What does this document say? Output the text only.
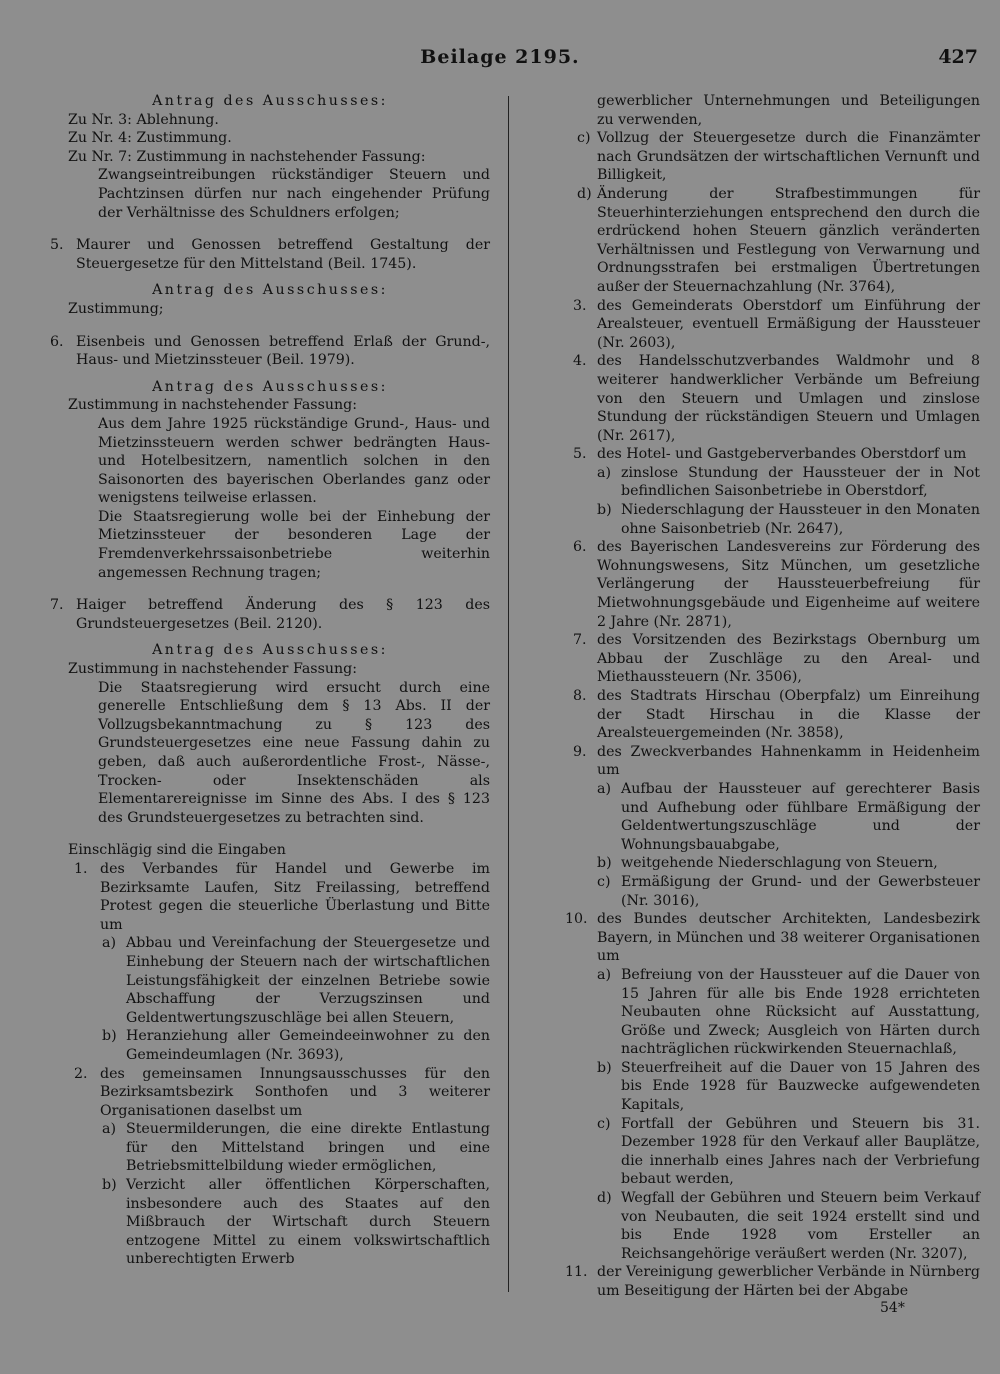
Beilage 2195.	427
Antrag des Ausschusses:
Zu Nr. 3: Ablehnung.
Zu Nr. 4: Zustimmung.
Zu Nr. 7: Zustimmung in nachstehender Fassung:
Zwangseintreibungen rückständiger Steuern und Pachtzinsen dürfen nur nach eingehender Prüfung der Verhältnisse des Schuldners erfolgen;
5. Maurer und Genossen betreffend Gestaltung der Steuergesetze für den Mittelstand (Beil. 1745).
Antrag des Ausschusses:
Zustimmung;
6. Eisenbeis und Genossen betreffend Erlaß der Grund-, Haus- und Mietzinssteuer (Beil. 1979).
Antrag des Ausschusses:
Zustimmung in nachstehender Fassung:
Aus dem Jahre 1925 rückständige Grund-, Haus- und Mietzinssteuern werden schwer bedrängten Haus- und Hotelbesitzern, namentlich solchen in den Saisonorten des bayerischen Oberlandes ganz oder wenigstens teilweise erlassen.
Die Staatsregierung wolle bei der Einhebung der Mietzinssteuer der besonderen Lage der Fremdenverkehrssaisonbetriebe weiterhin angemessen Rechnung tragen;
7. Haiger betreffend Änderung des § 123 des Grundsteuergesetzes (Beil. 2120).
Antrag des Ausschusses:
Zustimmung in nachstehender Fassung:
Die Staatsregierung wird ersucht durch eine generelle Entschließung dem § 13 Abs. II der Vollzugsbekanntmachung zu § 123 des Grundsteuergesetzes eine neue Fassung dahin zu geben, daß auch außerordentliche Frost-, Nässe-, Trocken- oder Insektenschäden als Elementarereignisse im Sinne des Abs. I des § 123 des Grundsteuergesetzes zu betrachten sind.
Einschlägig sind die Eingaben
1. des Verbandes für Handel und Gewerbe im Bezirksamte Laufen, Sitz Freilassing, betreffend Protest gegen die steuerliche Überlastung und Bitte um
a) Abbau und Vereinfachung der Steuergesetze und Einhebung der Steuern nach der wirtschaftlichen Leistungsfähigkeit der einzelnen Betriebe sowie Abschaffung der Verzugszinsen und Geldentwertungszuschläge bei allen Steuern,
b) Heranziehung aller Gemeindeeinwohner zu den Gemeindeumlagen (Nr. 3693),
2. des gemeinsamen Innungsausschusses für den Bezirksamtsbezirk Sonthofen und 3 weiterer Organisationen daselbst um
a) Steuermilderungen, die eine direkte Entlastung für den Mittelstand bringen und eine Betriebsmittelbildung wieder ermöglichen,
b) Verzicht aller öffentlichen Körperschaften, insbesondere auch des Staates auf den Mißbrauch der Wirtschaft durch Steuern entzogene Mittel zu einem volkswirtschaftlich unberechtigten Erwerb
gewerblicher Unternehmungen und Beteiligungen zu verwenden,
c) Vollzug der Steuergesetze durch die Finanzämter nach Grundsätzen der wirtschaftlichen Vernunft und Billigkeit,
d) Änderung der Strafbestimmungen für Steuerhinterziehungen entsprechend den durch die erdrückend hohen Steuern gänzlich veränderten Verhältnissen und Festlegung von Verwarnung und Ordnungsstrafen bei erstmaligen Übertretungen außer der Steuernachzahlung (Nr. 3764),
3. des Gemeinderats Oberstdorf um Einführung der Arealsteuer, eventuell Ermäßigung der Haussteuer (Nr. 2603),
4. des Handelsschutzverbandes Waldmohr und 8 weiterer handwerklicher Verbände um Befreiung von den Steuern und Umlagen und zinslose Stundung der rückständigen Steuern und Umlagen (Nr. 2617),
5. des Hotel- und Gastgeberverbandes Oberstdorf um
a) zinslose Stundung der Haussteuer der in Not befindlichen Saisonbetriebe in Oberstdorf,
b) Niederschlagung der Haussteuer in den Monaten ohne Saisonbetrieb (Nr. 2647),
6. des Bayerischen Landesvereins zur Förderung des Wohnungswesens, Sitz München, um gesetzliche Verlängerung der Haussteuerbefreiung für Mietwohnungsgebäude und Eigenheime auf weitere 2 Jahre (Nr. 2871),
7. des Vorsitzenden des Bezirkstags Obernburg um Abbau der Zuschläge zu den Areal- und Miethaussteuern (Nr. 3506),
8. des Stadtrats Hirschau (Oberpfalz) um Einreihung der Stadt Hirschau in die Klasse der Arealsteuergemeinden (Nr. 3858),
9. des Zweckverbandes Hahnenkamm in Heidenheim um
a) Aufbau der Haussteuer auf gerechterer Basis und Aufhebung oder fühlbare Ermäßigung der Geldentwertungszuschläge und der Wohnungsbauabgabe,
b) weitgehende Niederschlagung von Steuern,
c) Ermäßigung der Grund- und der Gewerbsteuer (Nr. 3016),
10. des Bundes deutscher Architekten, Landesbezirk Bayern, in München und 38 weiterer Organisationen um
a) Befreiung von der Haussteuer auf die Dauer von 15 Jahren für alle bis Ende 1928 errichteten Neubauten ohne Rücksicht auf Ausstattung, Größe und Zweck; Ausgleich von Härten durch nachträglichen rückwirkenden Steuernachlaß,
b) Steuerfreiheit auf die Dauer von 15 Jahren des bis Ende 1928 für Bauzwecke aufgewendeten Kapitals,
c) Fortfall der Gebühren und Steuern bis 31. Dezember 1928 für den Verkauf aller Bauplätze, die innerhalb eines Jahres nach der Verbriefung bebaut werden,
d) Wegfall der Gebühren und Steuern beim Verkauf von Neubauten, die seit 1924 erstellt sind und bis Ende 1928 vom Ersteller an Reichsangehörige veräußert werden (Nr. 3207),
11. der Vereinigung gewerblicher Verbände in Nürnberg um Beseitigung der Härten bei der Abgabe
54*
